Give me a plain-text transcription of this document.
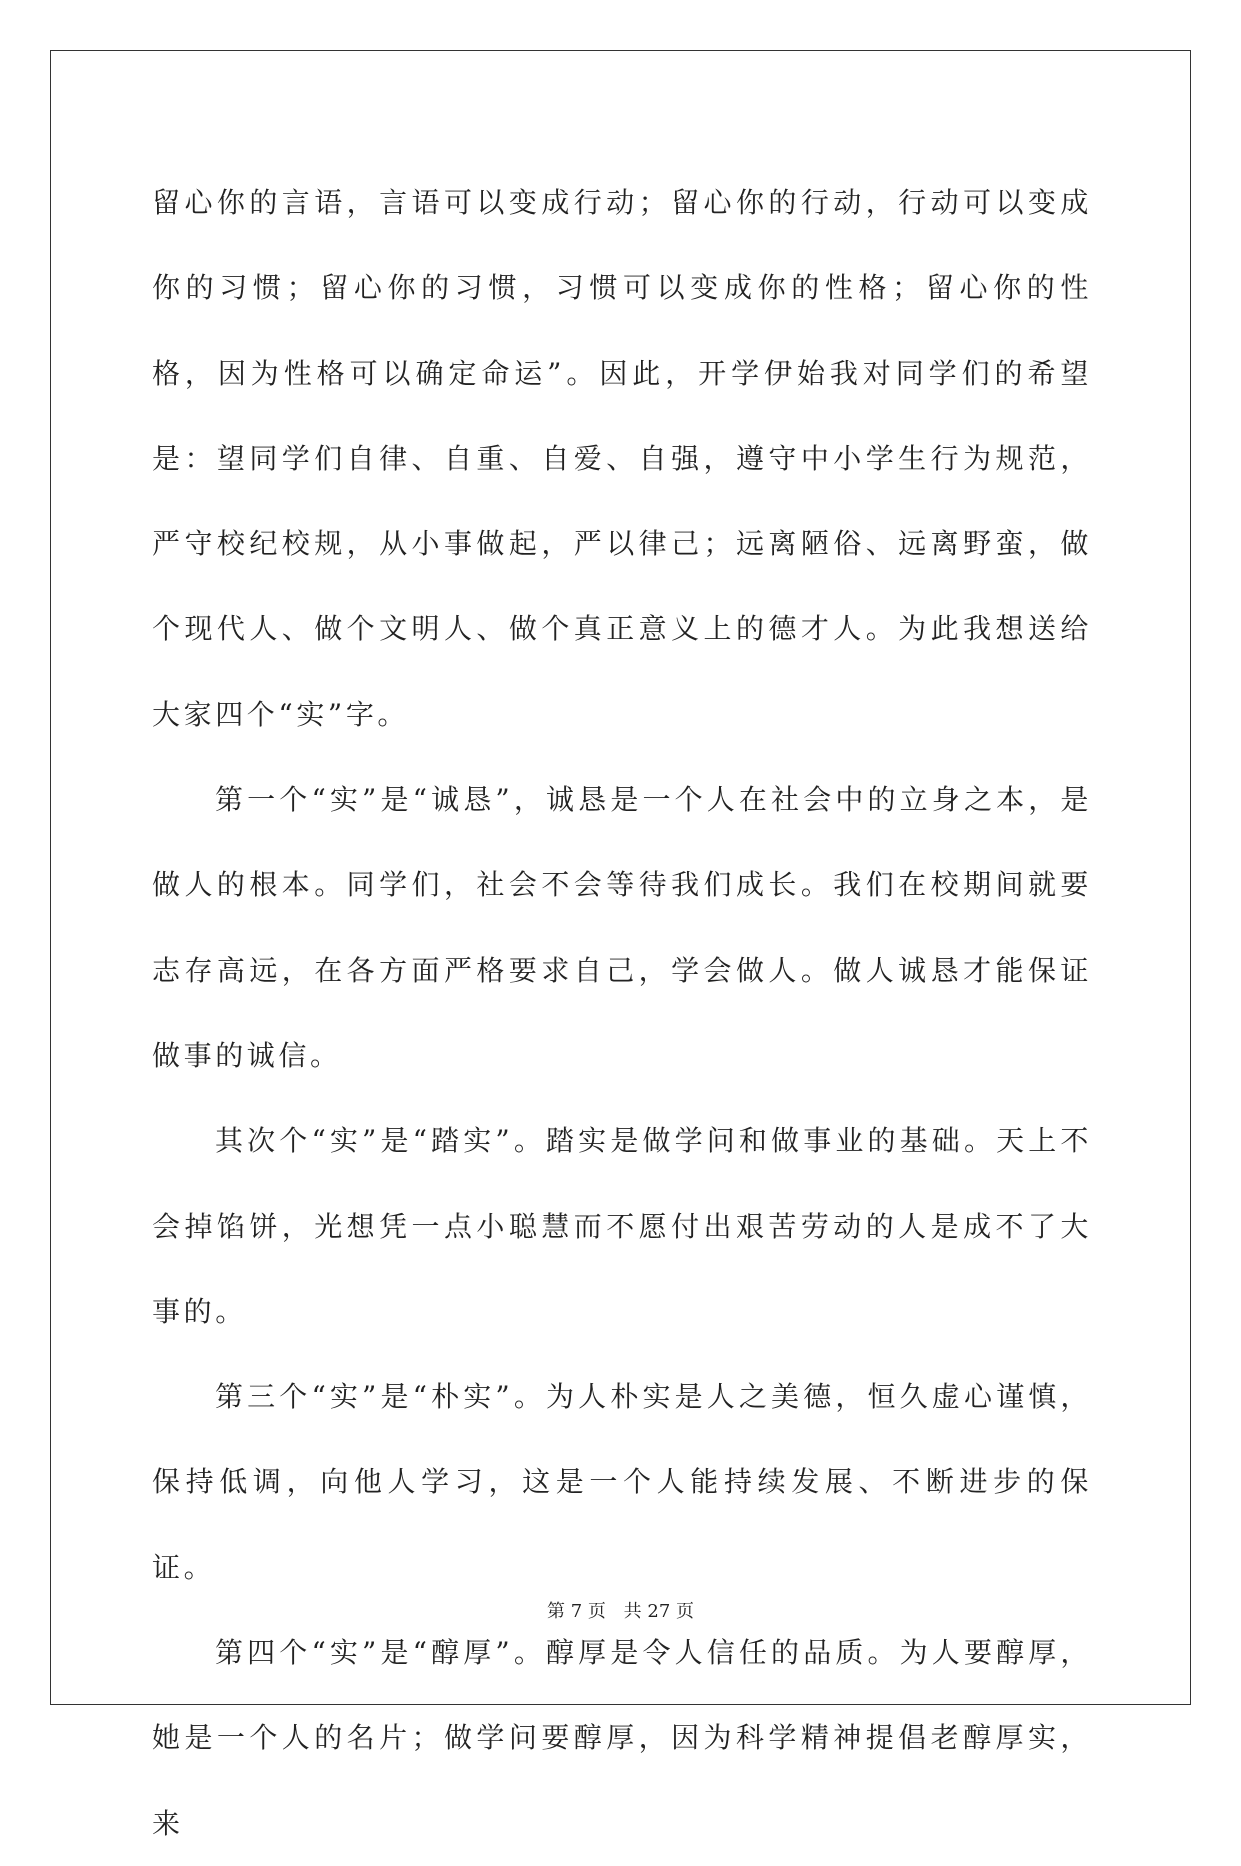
留心你的言语，言语可以变成行动；留心你的行动，行动可以变成你的习惯；留心你的习惯，习惯可以变成你的性格；留心你的性格，因为性格可以确定命运”。因此，开学伊始我对同学们的希望是：望同学们自律、自重、自爱、自强，遵守中小学生行为规范，严守校纪校规，从小事做起，严以律己；远离陋俗、远离野蛮，做个现代人、做个文明人、做个真正意义上的德才人。为此我想送给大家四个“实”字。

第一个“实”是“诚恳”，诚恳是一个人在社会中的立身之本，是做人的根本。同学们，社会不会等待我们成长。我们在校期间就要志存高远，在各方面严格要求自己，学会做人。做人诚恳才能保证做事的诚信。

其次个“实”是“踏实”。踏实是做学问和做事业的基础。天上不会掉馅饼，光想凭一点小聪慧而不愿付出艰苦劳动的人是成不了大事的。

第三个“实”是“朴实”。为人朴实是人之美德，恒久虚心谨慎，保持低调，向他人学习，这是一个人能持续发展、不断进步的保证。

第四个“实”是“醇厚”。醇厚是令人信任的品质。为人要醇厚，她是一个人的名片；做学问要醇厚，因为科学精神提倡老醇厚实，来

第 7 页 共 27 页
